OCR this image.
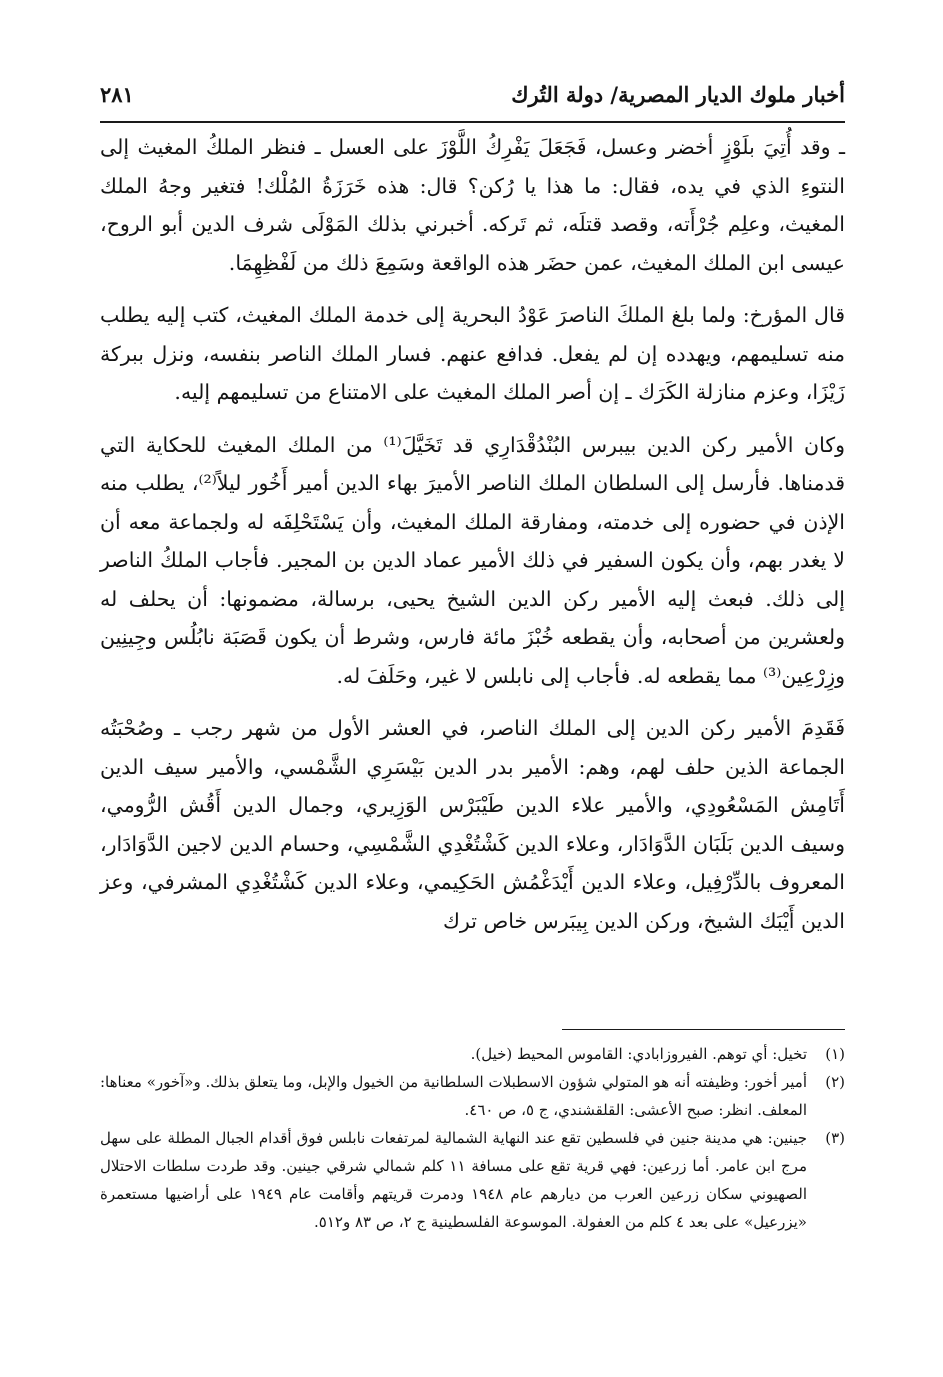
أخبار ملوك الديار المصرية/ دولة التُرك
٢٨١

ـ وقد أُتِيَ بلَوْزٍ أخضر وعسل، فَجَعَلَ يَفْرِكُ اللَّوْزَ على العسل ـ فنظر الملكُ المغيث إلى النتوءِ الذي في يده، فقال: ما هذا يا رُكن؟ قال: هذه خَرَزَةُ المُلْك! فتغير وجهُ الملك المغيث، وعلِم جُرْأَته، وقصد قتلَه، ثم تَركه. أخبرني بذلك المَوْلَى شرف الدين أبو الروح، عيسى ابن الملك المغيث، عمن حضَر هذه الواقعة وسَمِعَ ذلك من لَفْظِهِمَا.

قال المؤرخ: ولما بلغ الملكَ الناصرَ عَوْدُ البحرية إلى خدمة الملك المغيث، كتب إليه يطلب منه تسليمهم، ويهدده إن لم يفعل. فدافع عنهم. فسار الملك الناصر بنفسه، ونزل ببركة زَيْزَا، وعزم منازلة الكَرَك ـ إن أصر الملك المغيث على الامتناع من تسليمهم إليه.

وكان الأمير ركن الدين بيبرس البُنْدُقْدَارِي قد تَخَيَّلَ⁽¹⁾ من الملك المغيث للحكاية التي قدمناها. فأرسل إلى السلطان الملك الناصر الأميرَ بهاء الدين أمير أَخُور ليلاً⁽²⁾، يطلب منه الإذن في حضوره إلى خدمته، ومفارقة الملك المغيث، وأن يَسْتَحْلِفَه له ولجماعة معه أن لا يغدر بهم، وأن يكون السفير في ذلك الأمير عماد الدين بن المجير. فأجاب الملكُ الناصر إلى ذلك. فبعث إليه الأمير ركن الدين الشيخ يحيى، برسالة، مضمونها: أن يحلف له ولعشرين من أصحابه، وأن يقطعه خُبْزَ مائة فارس، وشرط أن يكون قَصَبَة نابُلُس وجِينِين وزِرْعِين⁽³⁾ مما يقطعه له. فأجاب إلى نابلس لا غير، وحَلَفَ له.

فَقَدِمَ الأمير ركن الدين إلى الملك الناصر، في العشر الأول من شهر رجب ـ وصُحْبَتُه الجماعة الذين حلف لهم، وهم: الأمير بدر الدين بَيْسَرِي الشَّمْسي، والأمير سيف الدين أَتَامِش المَسْعُودِي، والأمير علاء الدين طَيْبَرْس الوَزِيري، وجمال الدين أَقُش الرُّومي، وسيف الدين بَلَبَان الدَّوَادَار، وعلاء الدين كَشْتُغْدِي الشَّمْسِي، وحسام الدين لاجين الدَّوَادَار، المعروف بالدِّرْفِيل، وعلاء الدين أَيْدَغْمُش الحَكِيمي، وعلاء الدين كَشْتُغْدِي المشرفي، وعز الدين أَيْبَك الشيخ، وركن الدين بِيبَرس خاص ترك

(١)
تخيل: أي توهم. الفيروزابادي: القاموس المحيط (خيل).
(٢)
أمير أخور: وظيفته أنه هو المتولي شؤون الاسطبلات السلطانية من الخيول والإبل، وما يتعلق بذلك. و«آخور» معناها: المعلف. انظر: صبح الأعشى: القلقشندي، ج ٥، ص ٤٦٠.
(٣)
جينين: هي مدينة جنين في فلسطين تقع عند النهاية الشمالية لمرتفعات نابلس فوق أقدام الجبال المطلة على سهل مرج ابن عامر. أما زرعين: فهي قرية تقع على مسافة ١١ كلم شمالي شرقي جينين. وقد طردت سلطات الاحتلال الصهيوني سكان زرعين العرب من ديارهم عام ١٩٤٨ ودمرت قريتهم وأقامت عام ١٩٤٩ على أراضيها مستعمرة «يزرعيل» على بعد ٤ كلم من العفولة. الموسوعة الفلسطينية ج ٢، ص ٨٣ و٥١٢.
